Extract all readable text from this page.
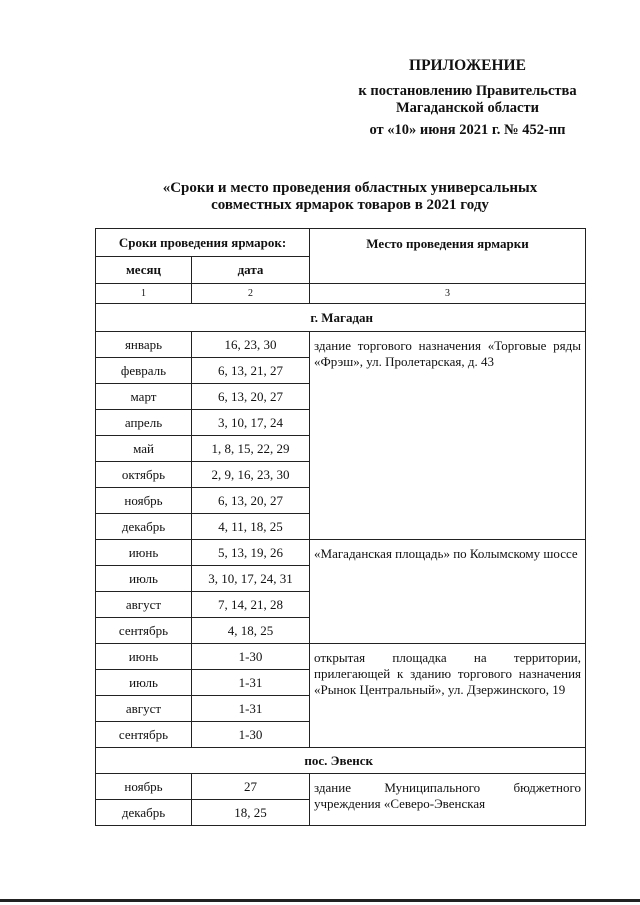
ПРИЛОЖЕНИЕ
к постановлению Правительства
Магаданской области
от «10» июня 2021 г. № 452-пп
«Сроки и место проведения областных универсальных
совместных ярмарок товаров в 2021 году
Сроки проведения ярмарок:		Место проведения ярмарки
месяц	дата	
1	2	3
г. Магадан		
январь	16, 23, 30	здание торгового назначения «Торговые ряды «Фрэш», ул. Пролетарская, д. 43
февраль	6, 13, 21, 27	
март	6, 13, 20, 27	
апрель	3, 10, 17, 24	
май	1, 8, 15, 22, 29	
октябрь	2, 9, 16, 23, 30	
ноябрь	6, 13, 20, 27	
декабрь	4, 11, 18, 25	
июнь	5, 13, 19, 26	«Магаданская площадь» по Колымскому шоссе
июль	3, 10, 17, 24, 31	
август	7, 14, 21, 28	
сентябрь	4, 18, 25	
июнь	1-30	открытая площадка на территории, прилегающей к зданию торгового назначения «Рынок Центральный», ул. Дзержинского, 19
июль	1-31	
август	1-31	
сентябрь	1-30	
пос. Эвенск		
ноябрь	27	здание Муниципального бюджетного учреждения «Северо-Эвенская
декабрь	18, 25	
